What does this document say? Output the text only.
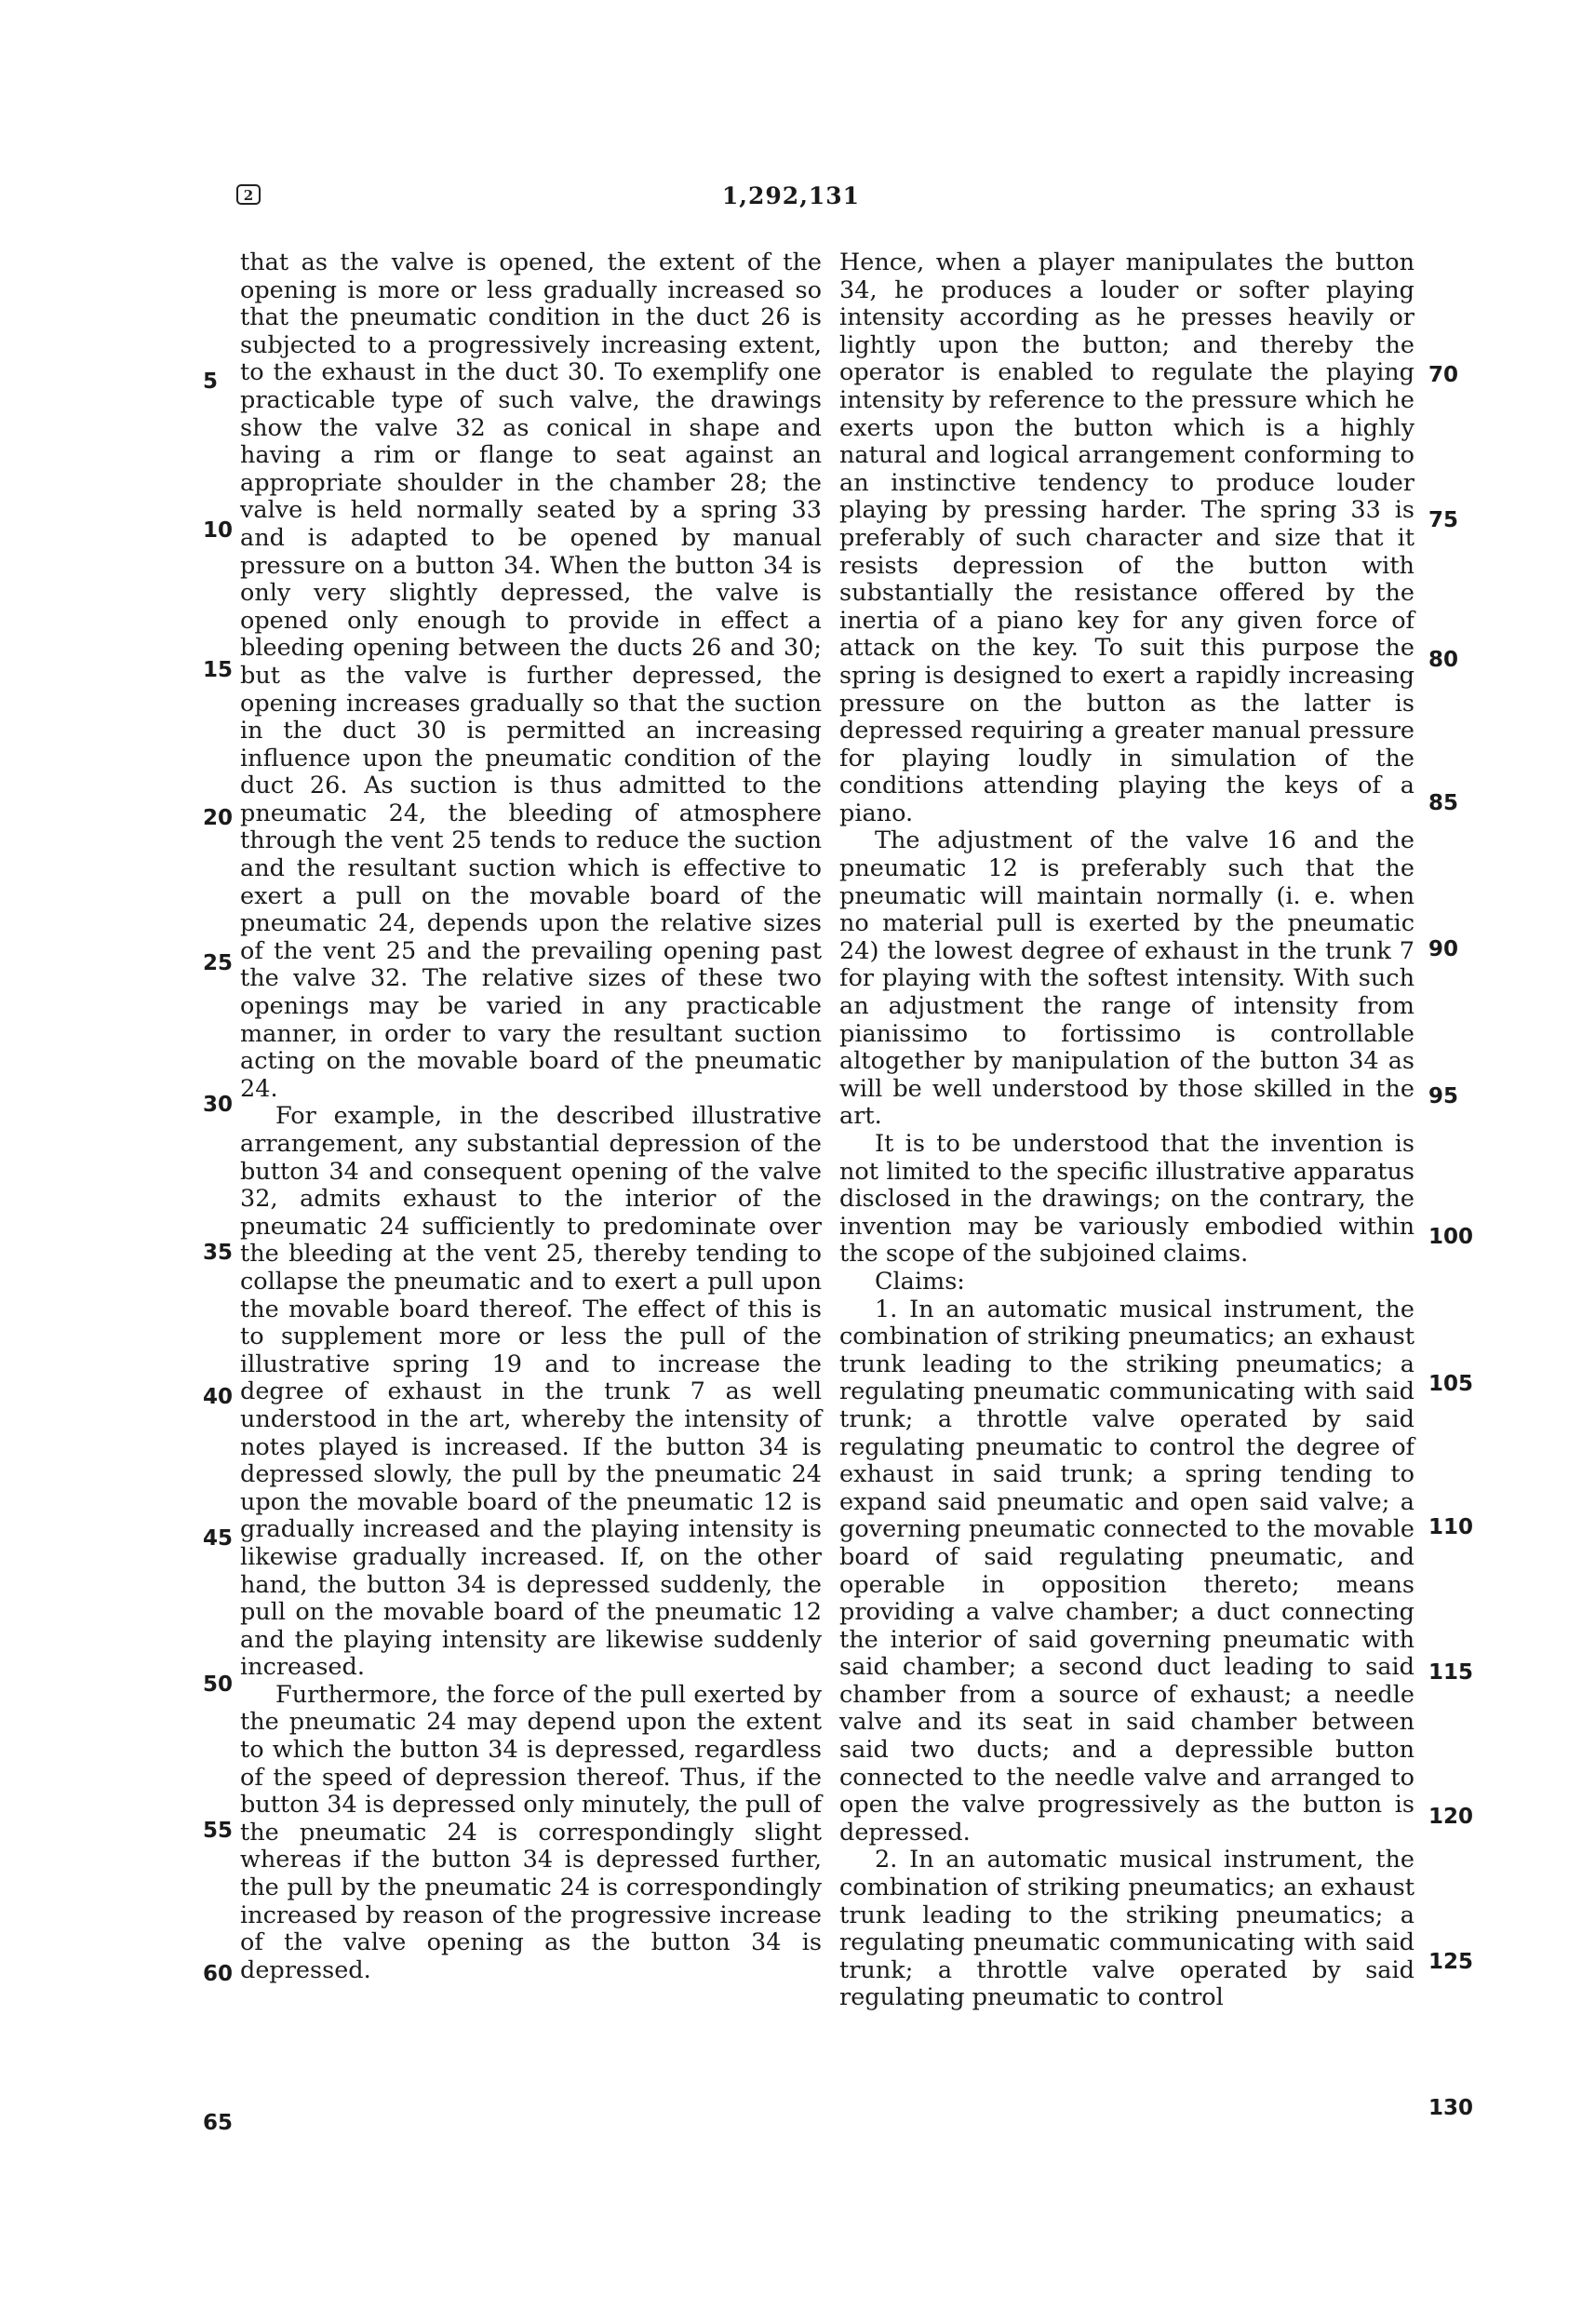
2	1,292,131

that as the valve is opened, the extent of the opening is more or less gradually increased so that the pneumatic condition in the duct 26 is subjected to a progressively increasing extent, to the exhaust in the duct 30. To exemplify one practicable type of such valve, the drawings show the valve 32 as conical in shape and having a rim or flange to seat against an appropriate shoulder in the chamber 28; the valve is held normally seated by a spring 33 and is adapted to be opened by manual pressure on a button 34. When the button 34 is only very slightly depressed, the valve is opened only enough to provide in effect a bleeding opening between the ducts 26 and 30; but as the valve is further depressed, the opening increases gradually so that the suction in the duct 30 is permitted an increasing influence upon the pneumatic condition of the duct 26. As suction is thus admitted to the pneumatic 24, the bleeding of atmosphere through the vent 25 tends to reduce the suction and the resultant suction which is effective to exert a pull on the movable board of the pneumatic 24, depends upon the relative sizes of the vent 25 and the prevailing opening past the valve 32. The relative sizes of these two openings may be varied in any practicable manner, in order to vary the resultant suction acting on the movable board of the pneumatic 24.

For example, in the described illustrative arrangement, any substantial depression of the button 34 and consequent opening of the valve 32, admits exhaust to the interior of the pneumatic 24 sufficiently to predominate over the bleeding at the vent 25, thereby tending to collapse the pneumatic and to exert a pull upon the movable board thereof. The effect of this is to supplement more or less the pull of the illustrative spring 19 and to increase the degree of exhaust in the trunk 7 as well understood in the art, whereby the intensity of notes played is increased. If the button 34 is depressed slowly, the pull by the pneumatic 24 upon the movable board of the pneumatic 12 is gradually increased and the playing intensity is likewise gradually increased. If, on the other hand, the button 34 is depressed suddenly, the pull on the movable board of the pneumatic 12 and the playing intensity are likewise suddenly increased.

Furthermore, the force of the pull exerted by the pneumatic 24 may depend upon the extent to which the button 34 is depressed, regardless of the speed of depression thereof. Thus, if the button 34 is depressed only minutely, the pull of the pneumatic 24 is correspondingly slight whereas if the button 34 is depressed further, the pull by the pneumatic 24 is correspondingly increased by reason of the progressive increase of the valve opening as the button 34 is depressed.

Hence, when a player manipulates the button 34, he produces a louder or softer playing intensity according as he presses heavily or lightly upon the button; and thereby the operator is enabled to regulate the playing intensity by reference to the pressure which he exerts upon the button which is a highly natural and logical arrangement conforming to an instinctive tendency to produce louder playing by pressing harder. The spring 33 is preferably of such character and size that it resists depression of the button with substantially the resistance offered by the inertia of a piano key for any given force of attack on the key. To suit this purpose the spring is designed to exert a rapidly increasing pressure on the button as the latter is depressed requiring a greater manual pressure for playing loudly in simulation of the conditions attending playing the keys of a piano.

The adjustment of the valve 16 and the pneumatic 12 is preferably such that the pneumatic will maintain normally (i. e. when no material pull is exerted by the pneumatic 24) the lowest degree of exhaust in the trunk 7 for playing with the softest intensity. With such an adjustment the range of intensity from pianissimo to fortissimo is controllable altogether by manipulation of the button 34 as will be well understood by those skilled in the art.

It is to be understood that the invention is not limited to the specific illustrative apparatus disclosed in the drawings; on the contrary, the invention may be variously embodied within the scope of the subjoined claims.

Claims:

1. In an automatic musical instrument, the combination of striking pneumatics; an exhaust trunk leading to the striking pneumatics; a regulating pneumatic communicating with said trunk; a throttle valve operated by said regulating pneumatic to control the degree of exhaust in said trunk; a spring tending to expand said pneumatic and open said valve; a governing pneumatic connected to the movable board of said regulating pneumatic, and operable in opposition thereto; means providing a valve chamber; a duct connecting the interior of said governing pneumatic with said chamber; a second duct leading to said chamber from a source of exhaust; a needle valve and its seat in said chamber between said two ducts; and a depressible button connected to the needle valve and arranged to open the valve progressively as the button is depressed.

2. In an automatic musical instrument, the combination of striking pneumatics; an exhaust trunk leading to the striking pneumatics; a regulating pneumatic communicating with said trunk; a throttle valve operated by said regulating pneumatic to control

5
10
15
20
25
30
35
40
45
50
55
60
65
70
75
80
85
90
95
100
105
110
115
120
125
130
